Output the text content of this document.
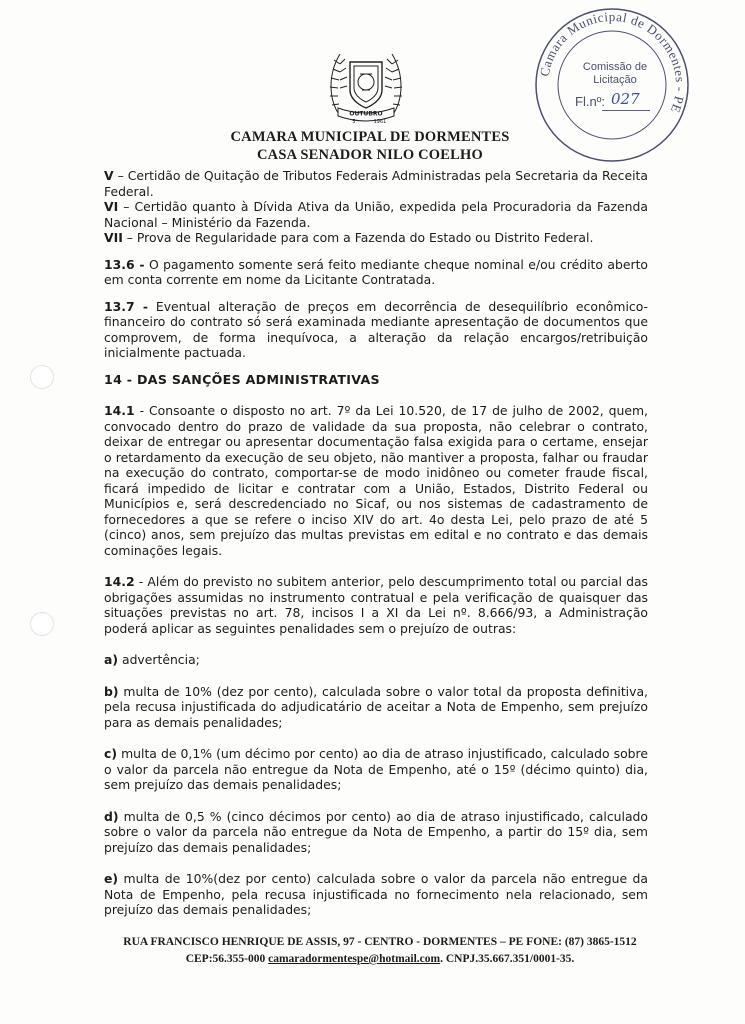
OUTUBRO
5	1961
CAMARA MUNICIPAL DE DORMENTES
CASA SENADOR NILO COELHO
Camara Municipal de Dormentes - PE
Comissão de
Licitação
Fl.nº: 027

V – Certidão de Quitação de Tributos Federais Administradas pela Secretaria da Receita Federal.

VI – Certidão quanto à Dívida Ativa da União, expedida pela Procuradoria da Fazenda Nacional – Ministério da Fazenda.

VII – Prova de Regularidade para com a Fazenda do Estado ou Distrito Federal.

13.6 - O pagamento somente será feito mediante cheque nominal e/ou crédito aberto em conta corrente em nome da Licitante Contratada.

13.7 - Eventual alteração de preços em decorrência de desequilíbrio econômico-financeiro do contrato só será examinada mediante apresentação de documentos que comprovem, de forma inequívoca, a alteração da relação encargos/retribuição inicialmente pactuada.

14 - DAS SANÇÕES ADMINISTRATIVAS

14.1 - Consoante o disposto no art. 7º da Lei 10.520, de 17 de julho de 2002, quem, convocado dentro do prazo de validade da sua proposta, não celebrar o contrato, deixar de entregar ou apresentar documentação falsa exigida para o certame, ensejar o retardamento da execução de seu objeto, não mantiver a proposta, falhar ou fraudar na execução do contrato, comportar-se de modo inidôneo ou cometer fraude fiscal, ficará impedido de licitar e contratar com a União, Estados, Distrito Federal ou Municípios e, será descredenciado no Sicaf, ou nos sistemas de cadastramento de fornecedores a que se refere o inciso XIV do art. 4o desta Lei, pelo prazo de até 5 (cinco) anos, sem prejuízo das multas previstas em edital e no contrato e das demais cominações legais.

14.2 - Além do previsto no subitem anterior, pelo descumprimento total ou parcial das obrigações assumidas no instrumento contratual e pela verificação de quaisquer das situações previstas no art. 78, incisos I a XI da Lei nº. 8.666/93, a Administração poderá aplicar as seguintes penalidades sem o prejuízo de outras:

a) advertência;

b) multa de 10% (dez por cento), calculada sobre o valor total da proposta definitiva, pela recusa injustificada do adjudicatário de aceitar a Nota de Empenho, sem prejuízo para as demais penalidades;

c) multa de 0,1% (um décimo por cento) ao dia de atraso injustificado, calculado sobre o valor da parcela não entregue da Nota de Empenho, até o 15º (décimo quinto) dia, sem prejuízo das demais penalidades;

d) multa de 0,5 % (cinco décimos por cento) ao dia de atraso injustificado, calculado sobre o valor da parcela não entregue da Nota de Empenho, a partir do 15º dia, sem prejuízo das demais penalidades;

e) multa de 10%(dez por cento) calculada sobre o valor da parcela não entregue da Nota de Empenho, pela recusa injustificada no fornecimento nela relacionado, sem prejuízo das demais penalidades;

RUA FRANCISCO HENRIQUE DE ASSIS, 97 - CENTRO - DORMENTES – PE FONE: (87) 3865-1512
CEP:56.355-000 camaradormentespe@hotmail.com. CNPJ.35.667.351/0001-35.
